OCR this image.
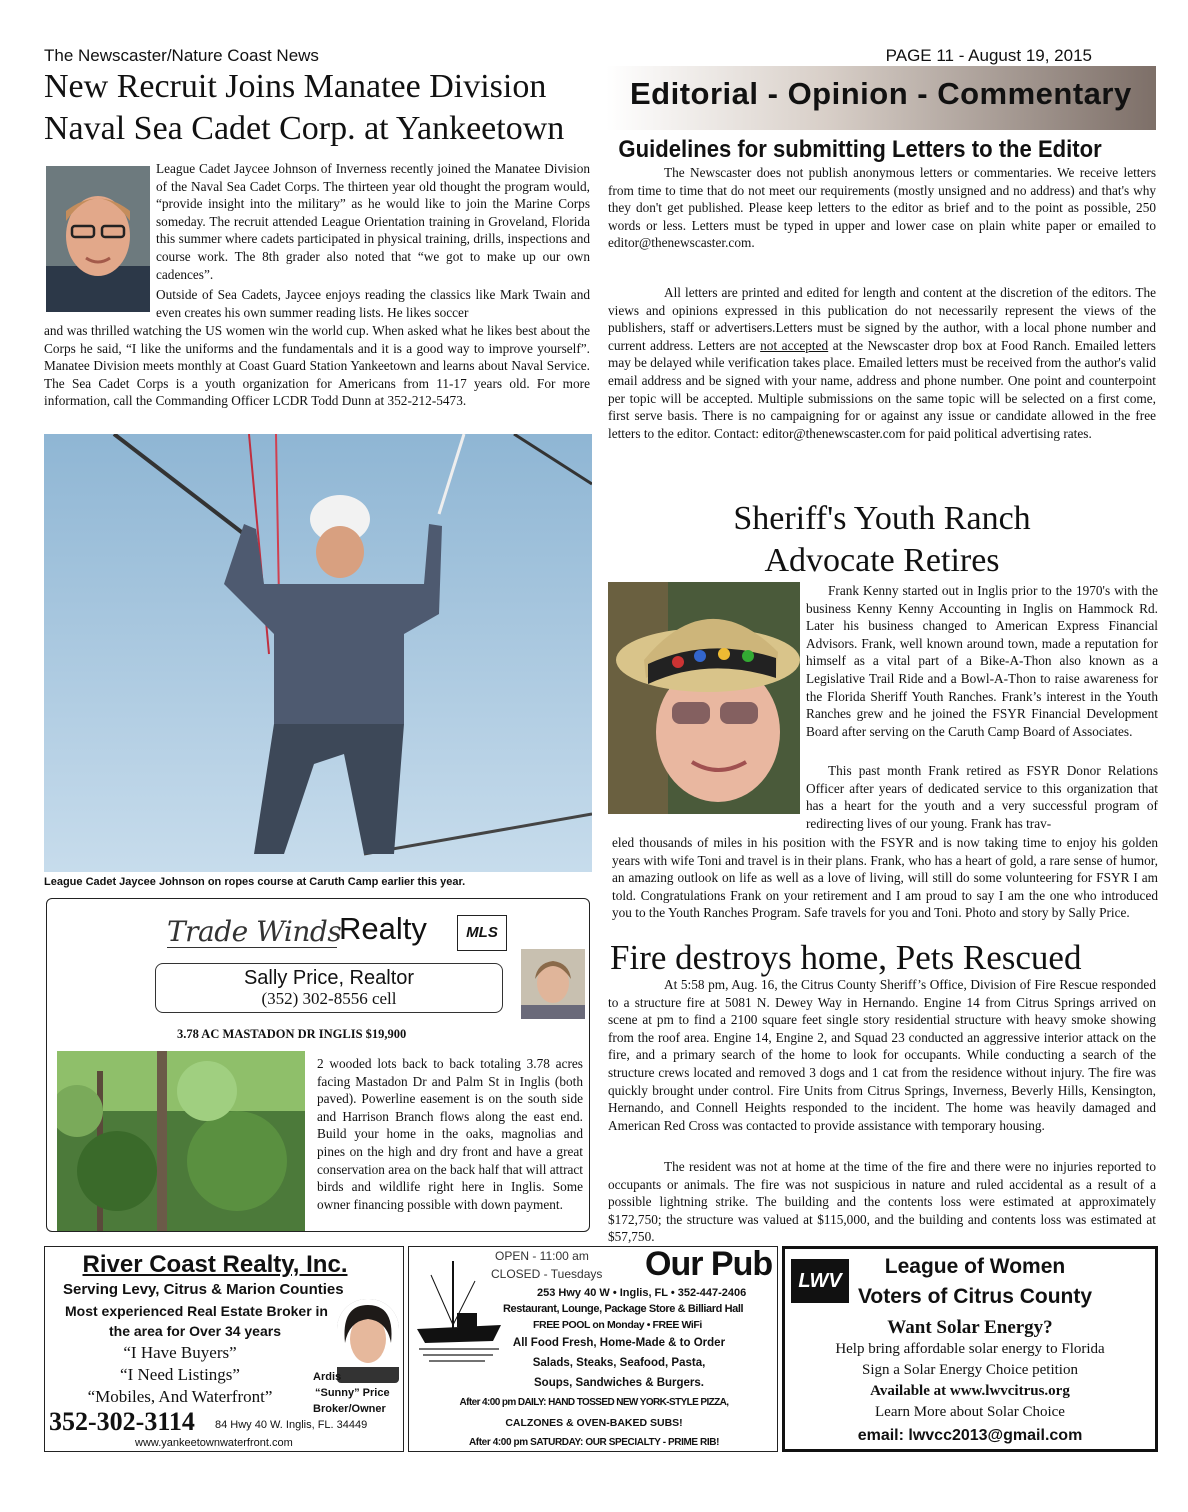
The Newscaster/Nature Coast News	PAGE 11 - August 19, 2015
New Recruit Joins Manatee Division
Naval Sea Cadet Corp. at Yankeetown
League Cadet Jaycee Johnson of Inverness recently joined the Manatee Division of the Naval Sea Cadet Corps. The thirteen year old thought the program would, “provide insight into the military” as he would like to join the Marine Corps someday. The recruit attended League Orientation training in Groveland, Florida this summer where cadets participated in physical training, drills, inspections and course work. The 8th grader also noted that “we got to make up our own cadences”.
Outside of Sea Cadets, Jaycee enjoys reading the classics like Mark Twain and even creates his own summer reading lists. He likes soccer
and was thrilled watching the US women win the world cup. When asked what he likes best about the Corps he said, “I like the uniforms and the fundamentals and it is a good way to improve yourself”. Manatee Division meets monthly at Coast Guard Station Yankeetown and learns about Naval Service. The Sea Cadet Corps is a youth organization for Americans from 11-17 years old. For more information, call the Commanding Officer LCDR Todd Dunn at 352-212-5473.
League Cadet Jaycee Johnson on ropes course at Caruth Camp earlier this year.
Trade Winds
Realty	MLS
Sally Price, Realtor
(352) 302-8556 cell
3.78 AC MASTADON DR INGLIS $19,900
2 wooded lots back to back totaling 3.78 acres facing Mastadon Dr and Palm St in Inglis (both paved). Powerline easement is on the south side and Harrison Branch flows along the east end. Build your home in the oaks, magnolias and pines on the high and dry front and have a great conservation area on the back half that will attract birds and wildlife right here in Inglis. Some owner financing possible with down payment.
Editorial - Opinion - Commentary
Guidelines for submitting Letters to the Editor
The Newscaster does not publish anonymous letters or commentaries. We receive letters from time to time that do not meet our requirements (mostly unsigned and no address) and that's why they don't get published. Please keep letters to the editor as brief and to the point as possible, 250 words or less. Letters must be typed in upper and lower case on plain white paper or emailed to editor@thenewscaster.com.
All letters are printed and edited for length and content at the discretion of the editors. The views and opinions expressed in this publication do not necessarily represent the views of the publishers, staff or advertisers.Letters must be signed by the author, with a local phone number and current address. Letters are not accepted at the Newscaster drop box at Food Ranch. Emailed letters may be delayed while verification takes place. Emailed letters must be received from the author's valid email address and be signed with your name, address and phone number. One point and counterpoint per topic will be accepted. Multiple submissions on the same topic will be selected on a first come, first serve basis. There is no campaigning for or against any issue or candidate allowed in the free letters to the editor. Contact: editor@thenewscaster.com for paid political advertising rates.
Sheriff's Youth Ranch
Advocate Retires
Frank Kenny started out in Inglis prior to the 1970's with the business Kenny Kenny Accounting in Inglis on Hammock Rd. Later his business changed to American Express Financial Advisors. Frank, well known around town, made a reputation for himself as a vital part of a Bike-A-Thon also known as a Legislative Trail Ride and a Bowl-A-Thon to raise awareness for the Florida Sheriff Youth Ranches. Frank’s interest in the Youth Ranches grew and he joined the FSYR Financial Development Board after serving on the Caruth Camp Board of Associates.
This past month Frank retired as FSYR Donor Relations Officer after years of dedicated service to this organization that has a heart for the youth and a very successful program of redirecting lives of our young. Frank has trav-
eled thousands of miles in his position with the FSYR and is now taking time to enjoy his golden years with wife Toni and travel is in their plans. Frank, who has a heart of gold, a rare sense of humor, an amazing outlook on life as well as a love of living, will still do some volunteering for FSYR I am told. Congratulations Frank on your retirement and I am proud to say I am the one who introduced you to the Youth Ranches Program. Safe travels for you and Toni. Photo and story by Sally Price.
Fire destroys home, Pets Rescued
At 5:58 pm, Aug. 16, the Citrus County Sheriff’s Office, Division of Fire Rescue responded to a structure fire at 5081 N. Dewey Way in Hernando. Engine 14 from Citrus Springs arrived on scene at pm to find a 2100 square feet single story residential structure with heavy smoke showing from the roof area. Engine 14, Engine 2, and Squad 23 conducted an aggressive interior attack on the fire, and a primary search of the home to look for occupants. While conducting a search of the structure crews located and removed 3 dogs and 1 cat from the residence without injury. The fire was quickly brought under control. Fire Units from Citrus Springs, Inverness, Beverly Hills, Kensington, Hernando, and Connell Heights responded to the incident. The home was heavily damaged and American Red Cross was contacted to provide assistance with temporary housing.
The resident was not at home at the time of the fire and there were no injuries reported to occupants or animals. The fire was not suspicious in nature and ruled accidental as a result of a possible lightning strike. The building and the contents loss were estimated at approximately $172,750; the structure was valued at $115,000, and the building and contents loss was estimated at $57,750.
River Coast Realty, Inc.
Serving Levy, Citrus & Marion Counties
Most experienced Real Estate Broker in
the area for Over 34 years
“I Have Buyers”
“I Need Listings”
“Mobiles, And Waterfront”
Ardis
“Sunny” Price
Broker/Owner
352-302-3114 84 Hwy 40 W. Inglis, FL. 34449
www.yankeetownwaterfront.com
OPEN - 11:00 am
CLOSED - Tuesdays Our Pub
253 Hwy 40 W • Inglis, FL • 352-447-2406
Restaurant, Lounge, Package Store & Billiard Hall
FREE POOL on Monday • FREE WiFi
All Food Fresh, Home-Made & to Order
Salads, Steaks, Seafood, Pasta,
Soups, Sandwiches & Burgers.
After 4:00 pm DAILY: HAND TOSSED NEW YORK-STYLE PIZZA,
CALZONES & OVEN-BAKED SUBS!
After 4:00 pm SATURDAY: OUR SPECIALTY - PRIME RIB!
LWV
League of Women
Voters of Citrus County
Want Solar Energy?
Help bring affordable solar energy to Florida
Sign a Solar Energy Choice petition
Available at www.lwvcitrus.org
Learn More about Solar Choice
email: lwvcc2013@gmail.com
